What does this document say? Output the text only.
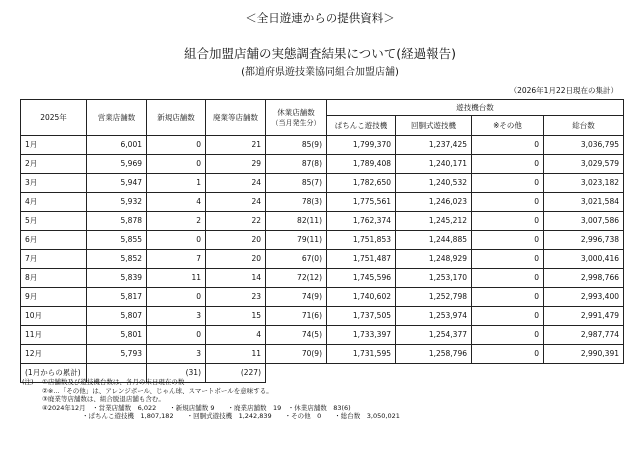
＜全日遊連からの提供資料＞
組合加盟店舗の実態調査結果について(経過報告)
(都道府県遊技業協同組合加盟店舗)
（2026年1月22日現在の集計）
2025年	営業店舗数	新規店舗数	廃業等店舗数	休業店舗数
（当月発生分）	遊技機台数			
					ぱちんこ遊技機	回胴式遊技機	※その他	総台数
1月	6,001	0	21	85(9)	1,799,370	1,237,425	0	3,036,795
2月	5,969	0	29	87(8)	1,789,408	1,240,171	0	3,029,579
3月	5,947	1	24	85(7)	1,782,650	1,240,532	0	3,023,182
4月	5,932	4	24	78(3)	1,775,561	1,246,023	0	3,021,584
5月	5,878	2	22	82(11)	1,762,374	1,245,212	0	3,007,586
6月	5,855	0	20	79(11)	1,751,853	1,244,885	0	2,996,738
7月	5,852	7	20	67(0)	1,751,487	1,248,929	0	3,000,416
8月	5,839	11	14	72(12)	1,745,596	1,253,170	0	2,998,766
9月	5,817	0	23	74(9)	1,740,602	1,252,798	0	2,993,400
10月	5,807	3	15	71(6)	1,737,505	1,253,974	0	2,991,479
11月	5,801	0	4	74(5)	1,733,397	1,254,377	0	2,987,774
12月	5,793	3	11	70(9)	1,731,595	1,258,796	0	2,990,391
(1月からの累計)		(31)	(227)					
(注) ①店舗数及び遊技機台数は、各月の末日現在の数
②※…「その他」は、アレンジボール、じゃん球、スマートボールを意味する。
③廃業等店舗数は、組合脱退店舗も含む。
④2024年12月　・営業店舗数　6,022　　・新規店舗数 9　　・廃業店舗数　19　・休業店舗数　83(6)
・ぱちんこ遊技機　1,807,182　　・回胴式遊技機　1,242,839　　・その他　0　　・総台数　3,050,021
